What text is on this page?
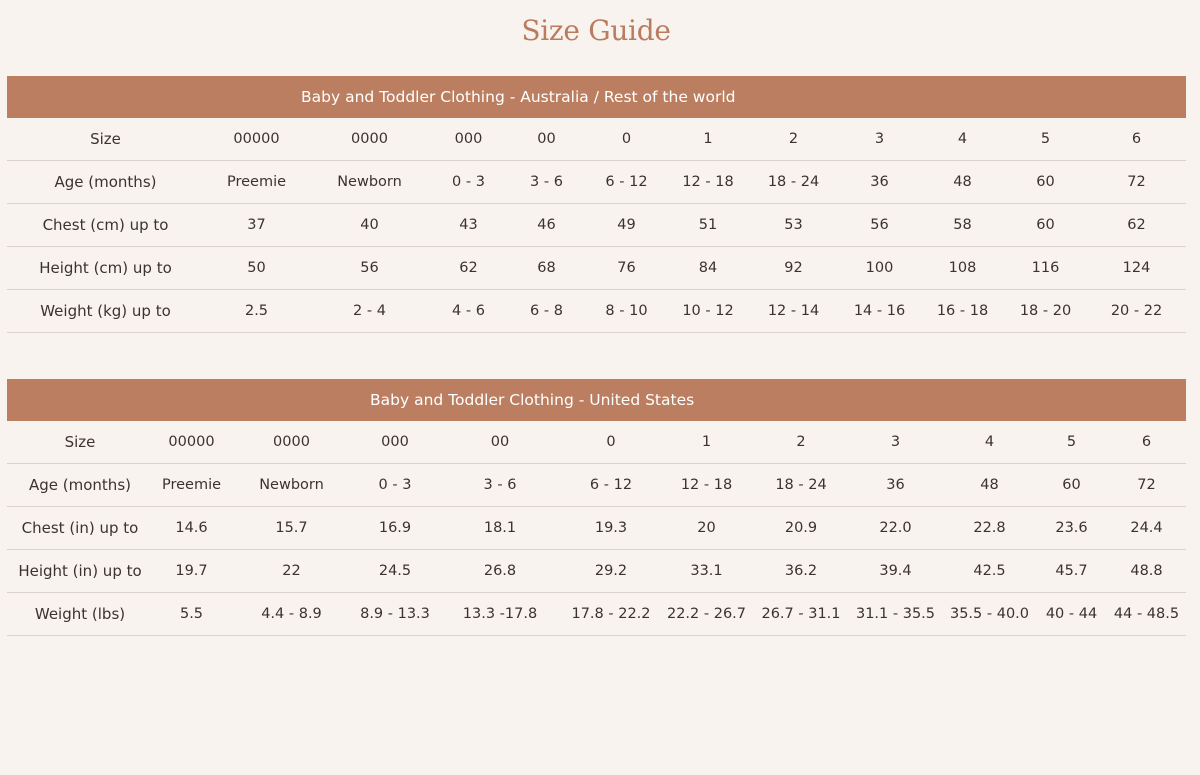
Size Guide
Baby and Toddler Clothing - Australia / Rest of the world											
Size	00000	0000	000	00	0	1	2	3	4	5	6
Age (months)	Preemie	Newborn	0 - 3	3 - 6	6 - 12	12 - 18	18 - 24	36	48	60	72
Chest (cm) up to	37	40	43	46	49	51	53	56	58	60	62
Height (cm) up to	50	56	62	68	76	84	92	100	108	116	124
Weight (kg) up to	2.5	2 - 4	4 - 6	6 - 8	8 - 10	10 - 12	12 - 14	14 - 16	16 - 18	18 - 20	20 - 22
Baby and Toddler Clothing - United States											
Size	00000	0000	000	00	0	1	2	3	4	5	6
Age (months)	Preemie	Newborn	0 - 3	3 - 6	6 - 12	12 - 18	18 - 24	36	48	60	72
Chest (in) up to	14.6	15.7	16.9	18.1	19.3	20	20.9	22.0	22.8	23.6	24.4
Height (in) up to	19.7	22	24.5	26.8	29.2	33.1	36.2	39.4	42.5	45.7	48.8
Weight (lbs)	5.5	4.4 - 8.9	8.9 - 13.3	13.3 -17.8	17.8 - 22.2	22.2 - 26.7	26.7 - 31.1	31.1 - 35.5	35.5 - 40.0	40 - 44	44 - 48.5
